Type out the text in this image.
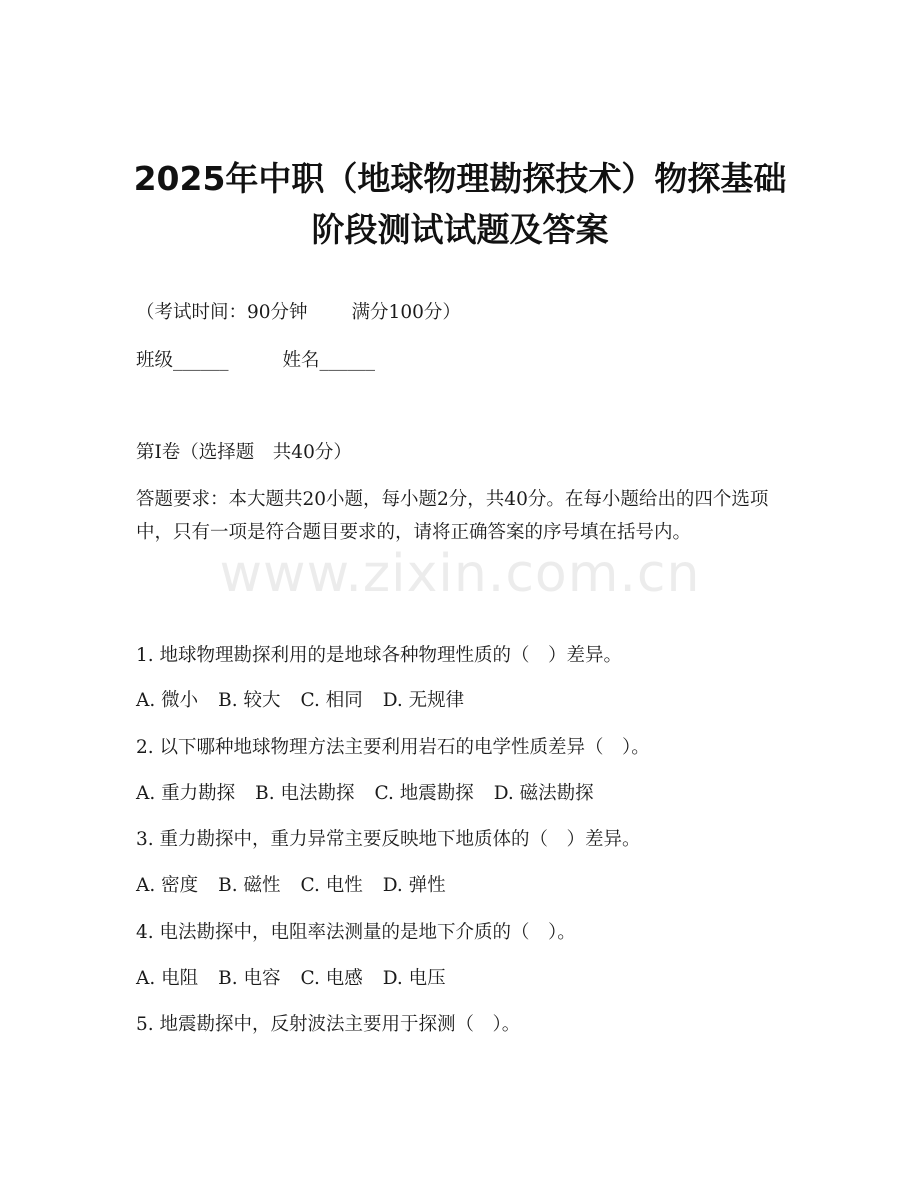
2025年中职（地球物理勘探技术）物探基础
阶段测试试题及答案
（考试时间：90分钟 满分100分）
班级______	姓名______
第Ⅰ卷（选择题　共40分）
答题要求：本大题共20小题，每小题2分，共40分。在每小题给出的四个选项中，只有一项是符合题目要求的，请将正确答案的序号填在括号内。
www.zixin.com.cn
1. 地球物理勘探利用的是地球各种物理性质的（　）差异。
A. 微小 B. 较大 C. 相同 D. 无规律
2. 以下哪种地球物理方法主要利用岩石的电学性质差异（　）。
A. 重力勘探 B. 电法勘探 C. 地震勘探 D. 磁法勘探
3. 重力勘探中，重力异常主要反映地下地质体的（　）差异。
A. 密度 B. 磁性 C. 电性 D. 弹性
4. 电法勘探中，电阻率法测量的是地下介质的（　）。
A. 电阻 B. 电容 C. 电感 D. 电压
5. 地震勘探中，反射波法主要用于探测（　）。
